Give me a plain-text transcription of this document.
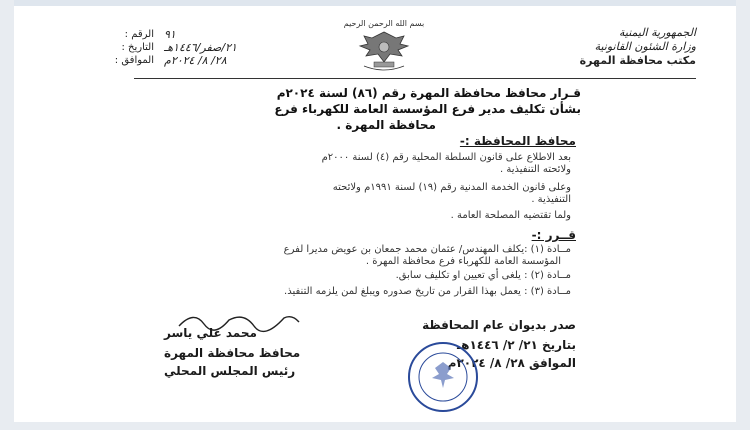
الجمهورية اليمنية
وزارة الشئون القانونية
مكتب محافظة المهرة
بسم الله الرحمن الرحيم
الرقم : ٩١
التاريخ : ٢١/صفر/١٤٤٦هـ
الموافق : ٢٨/ ٨/ ٢٠٢٤م
قـرار محافظ محافظة المهرة رقم (٨٦) لسنة ٢٠٢٤م
بشأن تكليف مدير فرع المؤسسة العامة للكهرباء فرع
محافظة المهرة .
محافظ المحافظة :-
بعد الاطلاع على قانون السلطة المحلية رقم (٤) لسنة ٢٠٠٠م
ولائحته التنفيذية .
وعلى قانون الخدمة المدنية رقم (١٩) لسنة ١٩٩١م ولائحته
التنفيذية .
ولما تقتضيه المصلحة العامة .
قــرر :-
مــادة (١) :يكلف المهندس/ عثمان محمد جمعان بن عويض مديرا لفرع
المؤسسة العامة للكهرباء فرع محافظة المهرة .
مــادة (٢) : يلغى أي تعيين او تكليف سابق.
مــادة (٣) : يعمل بهذا القرار من تاريخ صدوره ويبلغ لمن يلزمه التنفيذ.
صدر بديوان عام المحافظة
بتاريخ ٢١/ ٢/ ١٤٤٦هـ
الموافق ٢٨/ ٨/ ٢٠٢٤م
محمد علي ياسر
محافظ محافظة المهرة
رئيس المجلس المحلي
